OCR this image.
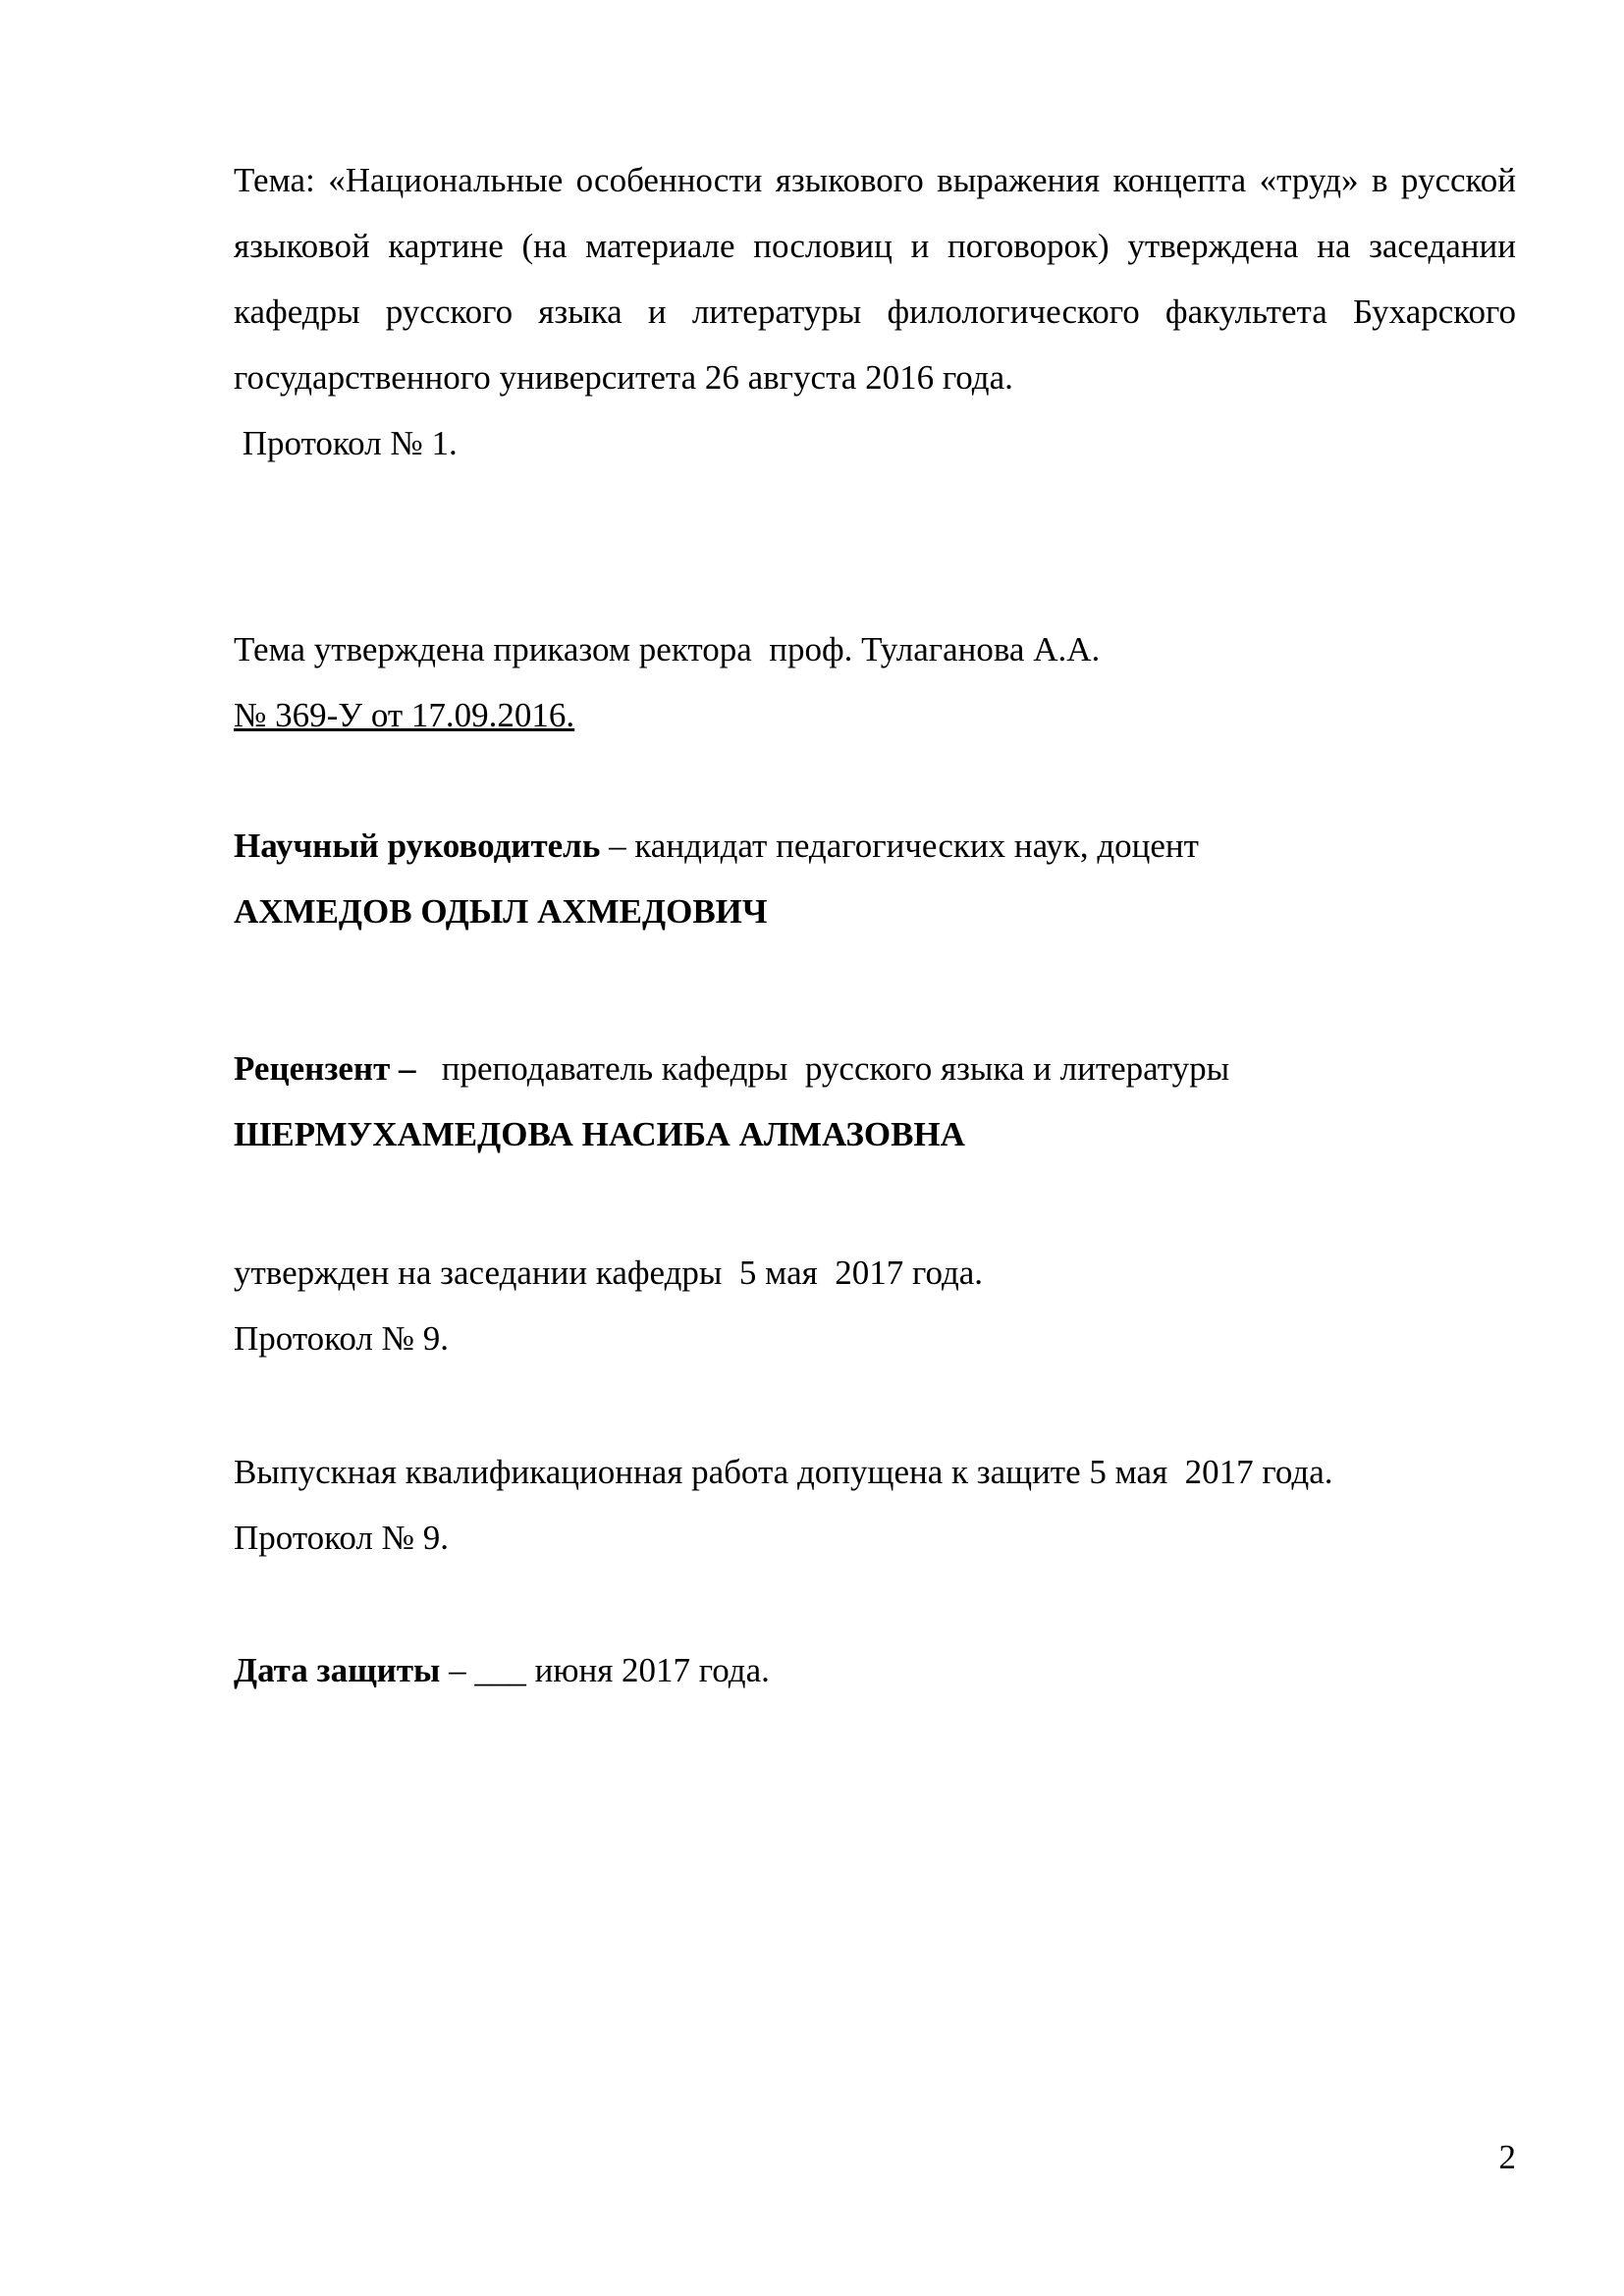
Тема: «Национальные особенности языкового выражения концепта «труд» в русской языковой картине (на материале пословиц и поговорок) утверждена на заседании кафедры русского языка и литературы филологического факультета Бухарского государственного университета 26 августа 2016 года.

Протокол № 1.

Тема утверждена приказом ректора  проф. Тулаганова А.А.

№ 369-У от 17.09.2016.

Научный руководитель – кандидат педагогических наук, доцент

АХМЕДОВ ОДЫЛ АХМЕДОВИЧ

Рецензент –   преподаватель кафедры  русского языка и литературы

ШЕРМУХАМЕДОВА НАСИБА АЛМАЗОВНА

утвержден на заседании кафедры  5 мая  2017 года.

Протокол № 9.

Выпускная квалификационная работа допущена к защите 5 мая  2017 года.

Протокол № 9.

Дата защиты – ___ июня 2017 года.

2
